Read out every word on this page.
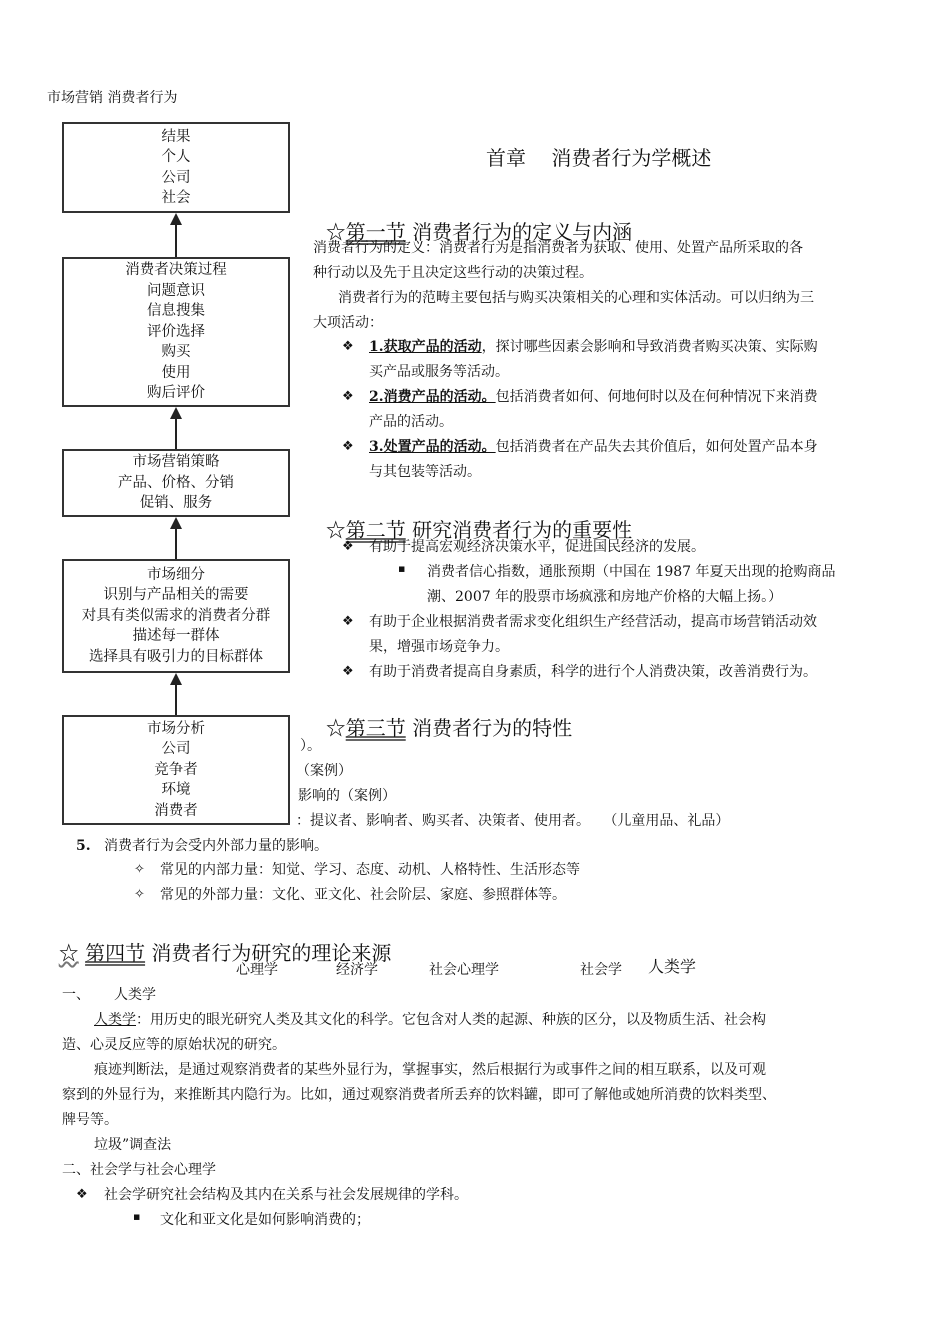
市场营销 消费者行为
结果
个人
公司
社会
消费者决策过程
问题意识
信息搜集
评价选择
购买
使用
购后评价
市场营销策略
产品、价格、分销
促销、服务
市场细分
识别与产品相关的需要
对具有类似需求的消费者分群
描述每一群体
选择具有吸引力的目标群体
市场分析
公司
竞争者
环境
消费者
首章    消费者行为学概述

☆第一节 消费者行为的定义与内涵

消费者行为的定义：消费者行为是指消费者为获取、使用、处置产品所采取的各
种行动以及先于且决定这些行动的决策过程。
消费者行为的范畴主要包括与购买决策相关的心理和实体活动。可以归纳为三
大项活动：
❖ 1.获取产品的活动，探讨哪些因素会影响和导致消费者购买决策、实际购
买产品或服务等活动。
❖ 2.消费产品的活动。包括消费者如何、何地何时以及在何种情况下来消费
产品的活动。
❖ 3.处置产品的活动。包括消费者在产品失去其价值后，如何处置产品本身
与其包装等活动。

☆第二节 研究消费者行为的重要性

❖ 有助于提高宏观经济决策水平，促进国民经济的发展。
▪ 消费者信心指数，通胀预期（中国在 1987 年夏天出现的抢购商品
潮、2007 年的股票市场疯涨和房地产价格的大幅上扬。）
❖ 有助于企业根据消费者需求变化组织生产经营活动，提高市场营销活动效
果，增强市场竞争力。
❖ 有助于消费者提高自身素质，科学的进行个人消费决策，改善消费行为。

☆第三节 消费者行为的特性

）。
（案例）
影响的（案例）
：提议者、影响者、购买者、决策者、使用者。   （儿童用品、礼品）
5. 消费者行为会受内外部力量的影响。
✧ 常见的内部力量：知觉、学习、态度、动机、人格特性、生活形态等
✧ 常见的外部力量：文化、亚文化、社会阶层、家庭、参照群体等。

☆ 第四节 消费者行为研究的理论来源

心理学	经济学	社会心理学	社会学 人类学
一、 人类学
人类学：用历史的眼光研究人类及其文化的科学。它包含对人类的起源、种族的区分，以及物质生活、社会构
造、心灵反应等的原始状况的研究。
痕迹判断法，是通过观察消费者的某些外显行为，掌握事实，然后根据行为或事件之间的相互联系，以及可观
察到的外显行为，来推断其内隐行为。比如，通过观察消费者所丢弃的饮料罐，即可了解他或她所消费的饮料类型、
牌号等。
垃圾”调查法
二、社会学与社会心理学
❖ 社会学研究社会结构及其内在关系与社会发展规律的学科。
▪ 文化和亚文化是如何影响消费的；
